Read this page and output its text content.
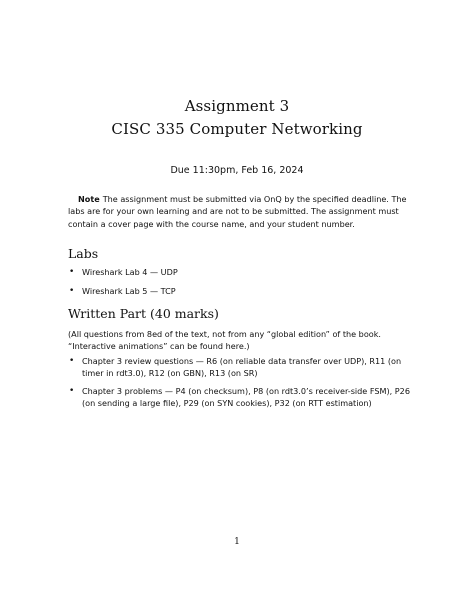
Assignment 3
CISC 335 Computer Networking
Due 11:30pm, Feb 16, 2024
Note The assignment must be submitted via OnQ by the specified deadline. The labs are for your own learning and are not to be submitted. The assignment must contain a cover page with the course name, and your student number.
Labs
• Wireshark Lab 4 — UDP
• Wireshark Lab 5 — TCP
Written Part (40 marks)
(All questions from 8ed of the text, not from any “global edition” of the book. “Interactive animations” can be found here.)
• Chapter 3 review questions — R6 (on reliable data transfer over UDP), R11 (on timer in rdt3.0), R12 (on GBN), R13 (on SR)
• Chapter 3 problems — P4 (on checksum), P8 (on rdt3.0’s receiver-side FSM), P26 (on sending a large file), P29 (on SYN cookies), P32 (on RTT estimation)
1
